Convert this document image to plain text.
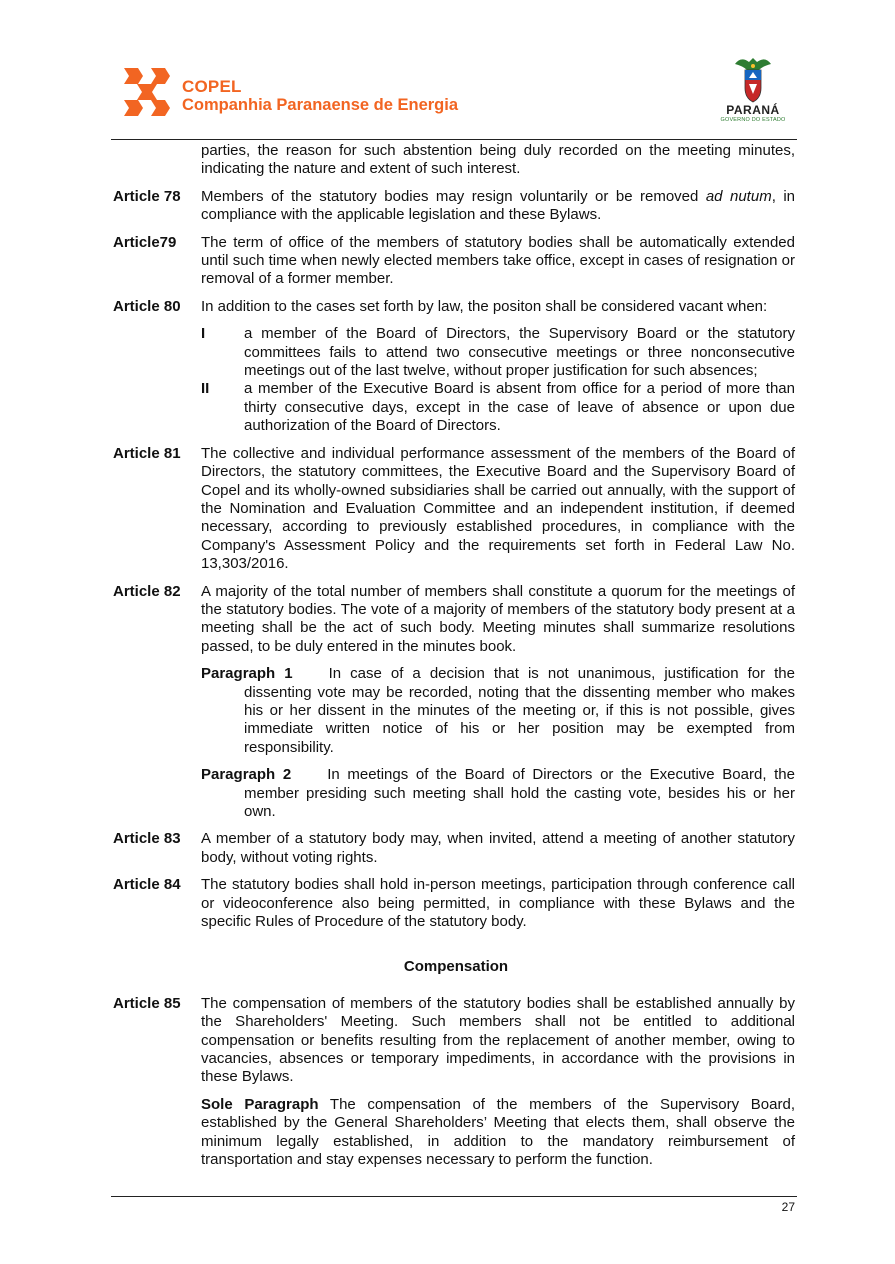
COPEL
Companhia Paranaense de Energia	PARANÁ
GOVERNO DO ESTADO
parties, the reason for such abstention being duly recorded on the meeting minutes, indicating the nature and extent of such interest.
Article 78	Members of the statutory bodies may resign voluntarily or be removed ad nutum, in compliance with the applicable legislation and these Bylaws.
Article79	The term of office of the members of statutory bodies shall be automatically extended until such time when newly elected members take office, except in cases of resignation or removal of a former member.
Article 80	In addition to the cases set forth by law, the positon shall be considered vacant when:
I	a member of the Board of Directors, the Supervisory Board or the statutory committees fails to attend two consecutive meetings or three nonconsecutive meetings out of the last twelve, without proper justification for such absences;
II	a member of the Executive Board is absent from office for a period of more than thirty consecutive days, except in the case of leave of absence or upon due authorization of the Board of Directors.
Article 81	The collective and individual performance assessment of the members of the Board of Directors, the statutory committees, the Executive Board and the Supervisory Board of Copel and its wholly-owned subsidiaries shall be carried out annually, with the support of the Nomination and Evaluation Committee and an independent institution, if deemed necessary, according to previously established procedures, in compliance with the Company's Assessment Policy and the requirements set forth in Federal Law No. 13,303/2016.
Article 82	A majority of the total number of members shall constitute a quorum for the meetings of the statutory bodies. The vote of a majority of members of the statutory body present at a meeting shall be the act of such body. Meeting minutes shall summarize resolutions passed, to be duly entered in the minutes book.
Paragraph 1 In case of a decision that is not unanimous, justification for the dissenting vote may be recorded, noting that the dissenting member who makes his or her dissent in the minutes of the meeting or, if this is not possible, gives immediate written notice of his or her position may be exempted from responsibility.
Paragraph 2 In meetings of the Board of Directors or the Executive Board, the member presiding such meeting shall hold the casting vote, besides his or her own.
Article 83	A member of a statutory body may, when invited, attend a meeting of another statutory body, without voting rights.
Article 84	The statutory bodies shall hold in-person meetings, participation through conference call or videoconference also being permitted, in compliance with these Bylaws and the specific Rules of Procedure of the statutory body.
Compensation
Article 85	The compensation of members of the statutory bodies shall be established annually by the Shareholders' Meeting. Such members shall not be entitled to additional compensation or benefits resulting from the replacement of another member, owing to vacancies, absences or temporary impediments, in accordance with the provisions in these Bylaws.
Sole Paragraph The compensation of the members of the Supervisory Board, established by the General Shareholders’ Meeting that elects them, shall observe the minimum legally established, in addition to the mandatory reimbursement of transportation and stay expenses necessary to perform the function.
27
